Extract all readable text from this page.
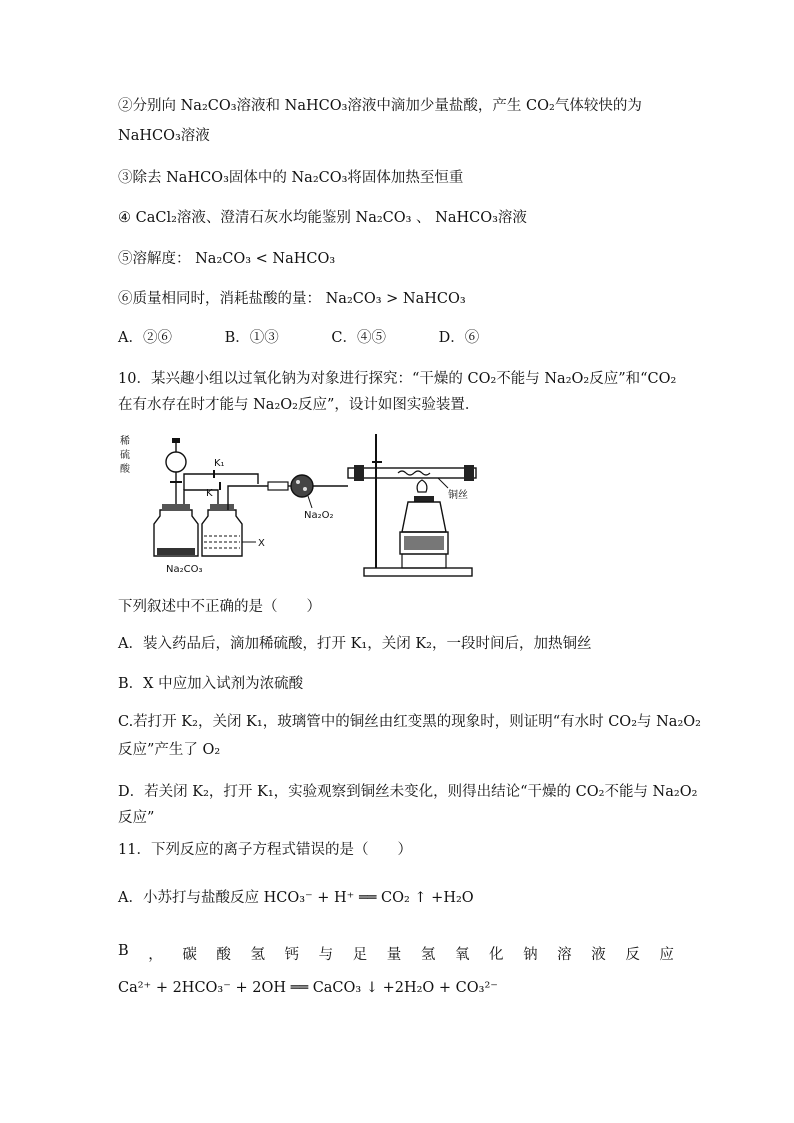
②分别向 Na₂CO₃溶液和 NaHCO₃溶液中滴加少量盐酸，产生 CO₂气体较快的为
NaHCO₃溶液
③除去 NaHCO₃固体中的 Na₂CO₃将固体加热至恒重
④ CaCl₂溶液、澄清石灰水均能鉴别 Na₂CO₃ 、 NaHCO₃溶液
⑤溶解度： Na₂CO₃ < NaHCO₃
⑥质量相同时，消耗盐酸的量： Na₂CO₃ > NaHCO₃
A．②⑥	B．①③	C．④⑤	D．⑥
10．某兴趣小组以过氧化钠为对象进行探究：“干燥的 CO₂不能与 Na₂O₂反应”和“CO₂
在有水存在时才能与 Na₂O₂反应”，设计如图实验装置．
稀
硫
酸
K₁
K
Na₂CO₃
X
Na₂O₂
铜丝
下列叙述中不正确的是（　　）
A．装入药品后，滴加稀硫酸，打开 K₁，关闭 K₂，一段时间后，加热铜丝
B．X 中应加入试剂为浓硫酸
C.若打开 K₂，关闭 K₁，玻璃管中的铜丝由红变黑的现象时，则证明“有水时 CO₂与 Na₂O₂
反应”产生了 O₂
D．若关闭 K₂，打开 K₁，实验观察到铜丝未变化，则得出结论“干燥的 CO₂不能与 Na₂O₂
反应”
11．下列反应的离子方程式错误的是（　　）
A．小苏打与盐酸反应 HCO₃⁻ + H⁺ ══ CO₂ ↑ +H₂O
B ， 碳 酸 氢 钙 与 足 量 氢 氧 化 钠 溶 液 反 应
Ca²⁺ + 2HCO₃⁻ + 2OH ══ CaCO₃ ↓ +2H₂O + CO₃²⁻
